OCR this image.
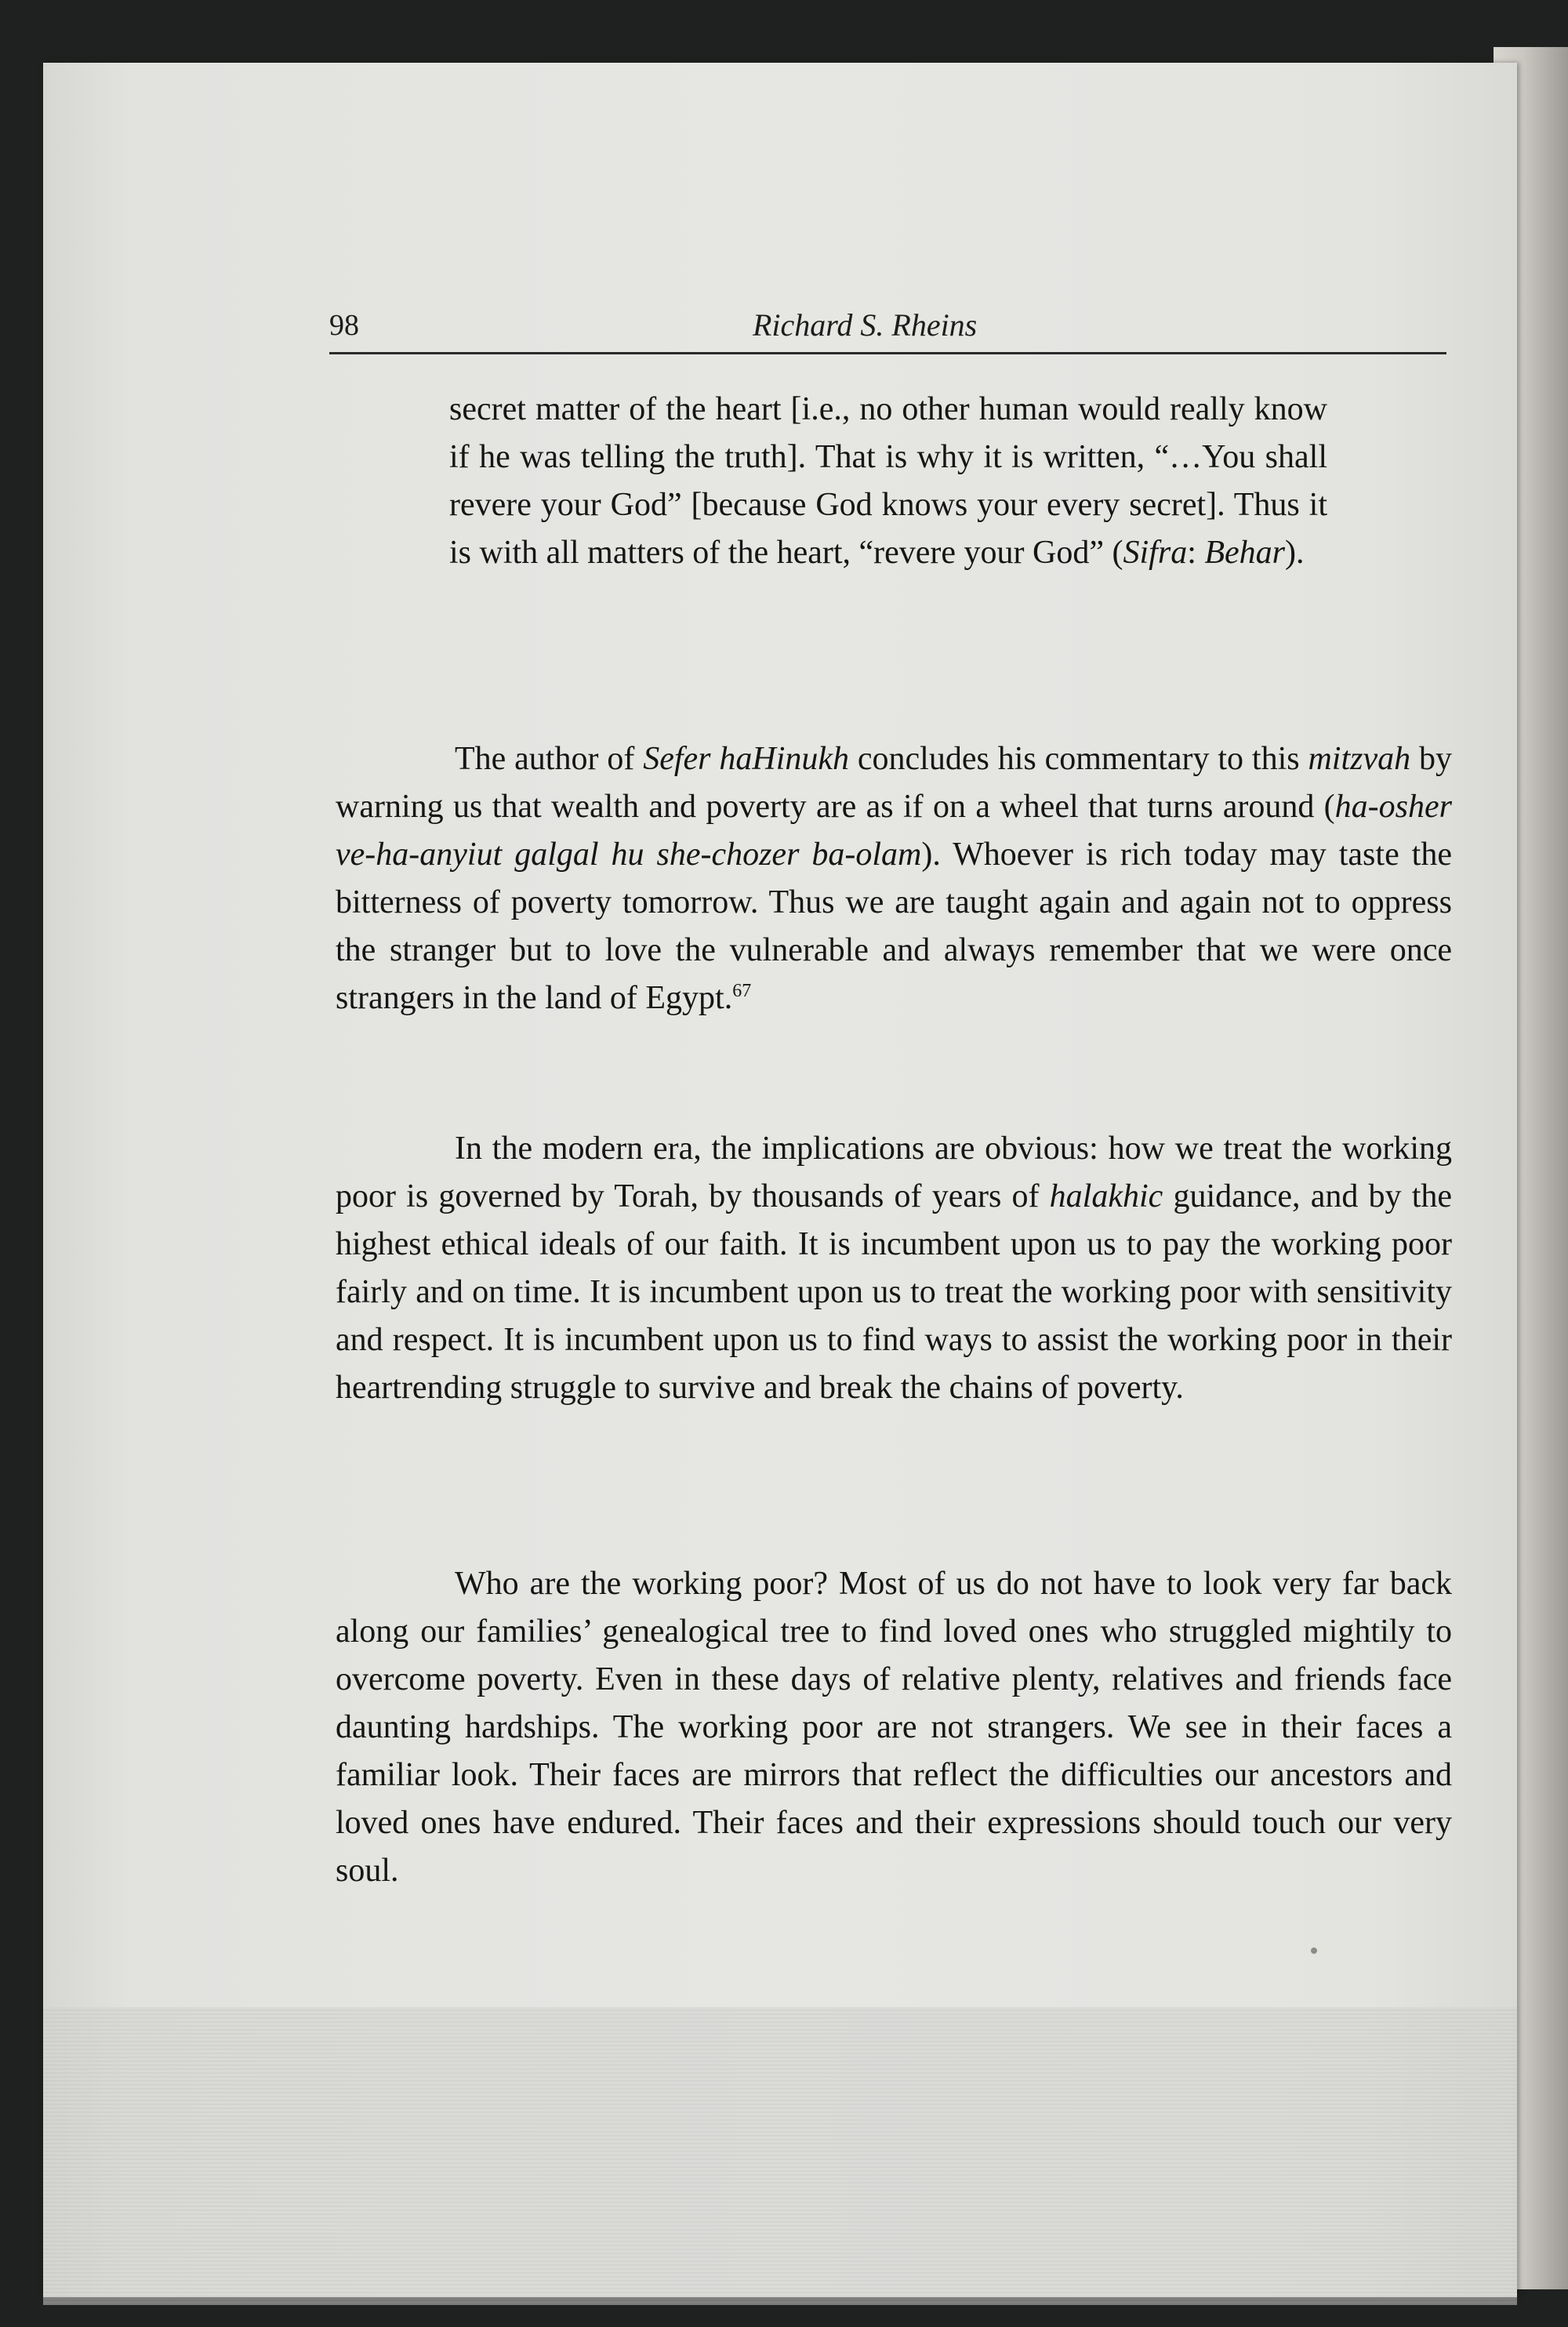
98	Richard S. Rheins
secret matter of the heart [i.e., no other human would really know if he was telling the truth]. That is why it is written, “…You shall revere your God” [because God knows your every secret]. Thus it is with all matters of the heart, “revere your God” (Sifra: Behar).
The author of Sefer haHinukh concludes his commentary to this mitzvah by warning us that wealth and poverty are as if on a wheel that turns around (ha-osher ve-ha-anyiut galgal hu she-chozer ba-olam). Whoever is rich today may taste the bitterness of poverty tomorrow. Thus we are taught again and again not to oppress the stranger but to love the vulnerable and always remember that we were once strangers in the land of Egypt.$^{67}$
In the modern era, the implications are obvious: how we treat the working poor is governed by Torah, by thousands of years of halakhic guidance, and by the highest ethical ideals of our faith. It is incumbent upon us to pay the working poor fairly and on time. It is incumbent upon us to treat the working poor with sensitivity and respect. It is incumbent upon us to find ways to assist the working poor in their heartrending struggle to survive and break the chains of poverty.
Who are the working poor? Most of us do not have to look very far back along our families’ genealogical tree to find loved ones who struggled mightily to overcome poverty. Even in these days of relative plenty, relatives and friends face daunting hardships. The working poor are not strangers. We see in their faces a familiar look. Their faces are mirrors that reflect the difficulties our ancestors and loved ones have endured. Their faces and their expressions should touch our very soul.
